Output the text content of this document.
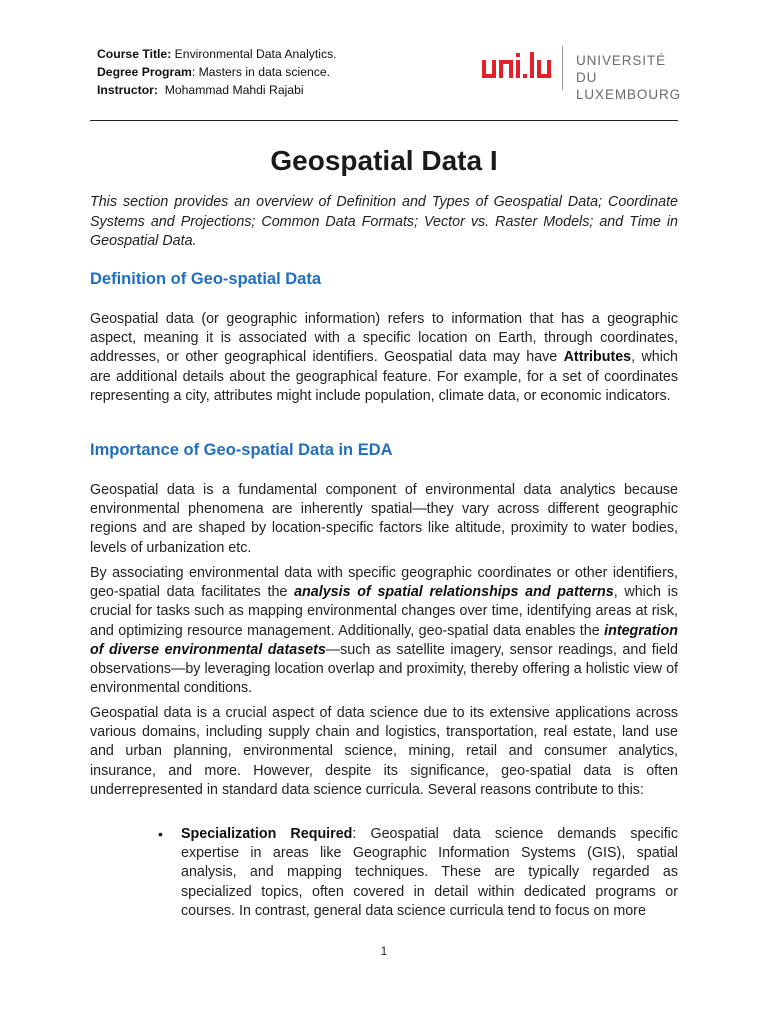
Course Title: Environmental Data Analytics.
Degree Program: Masters in data science.
Instructor:  Mohammad Mahdi Rajabi
UNIVERSITÉ DU
LUXEMBOURG
Geospatial Data I

This section provides an overview of Definition and Types of Geospatial Data; Coordinate Systems and Projections; Common Data Formats; Vector vs. Raster Models; and Time in Geospatial Data.

Definition of Geo-spatial Data

Geospatial data (or geographic information) refers to information that has a geographic aspect, meaning it is associated with a specific location on Earth, through coordinates, addresses, or other geographical identifiers. Geospatial data may have Attributes, which are additional details about the geographical feature. For example, for a set of coordinates representing a city, attributes might include population, climate data, or economic indicators.

Importance of Geo-spatial Data in EDA

Geospatial data is a fundamental component of environmental data analytics because environmental phenomena are inherently spatial—they vary across different geographic regions and are shaped by location-specific factors like altitude, proximity to water bodies, levels of urbanization etc.

By associating environmental data with specific geographic coordinates or other identifiers, geo-spatial data facilitates the analysis of spatial relationships and patterns, which is crucial for tasks such as mapping environmental changes over time, identifying areas at risk, and optimizing resource management. Additionally, geo-spatial data enables the integration of diverse environmental datasets—such as satellite imagery, sensor readings, and field observations—by leveraging location overlap and proximity, thereby offering a holistic view of environmental conditions.

Geospatial data is a crucial aspect of data science due to its extensive applications across various domains, including supply chain and logistics, transportation, real estate, land use and urban planning, environmental science, mining, retail and consumer analytics, insurance, and more. However, despite its significance, geo-spatial data is often underrepresented in standard data science curricula. Several reasons contribute to this:

•	Specialization Required: Geospatial data science demands specific expertise in areas like Geographic Information Systems (GIS), spatial analysis, and mapping techniques. These are typically regarded as specialized topics, often covered in detail within dedicated programs or courses. In contrast, general data science curricula tend to focus on more

1
